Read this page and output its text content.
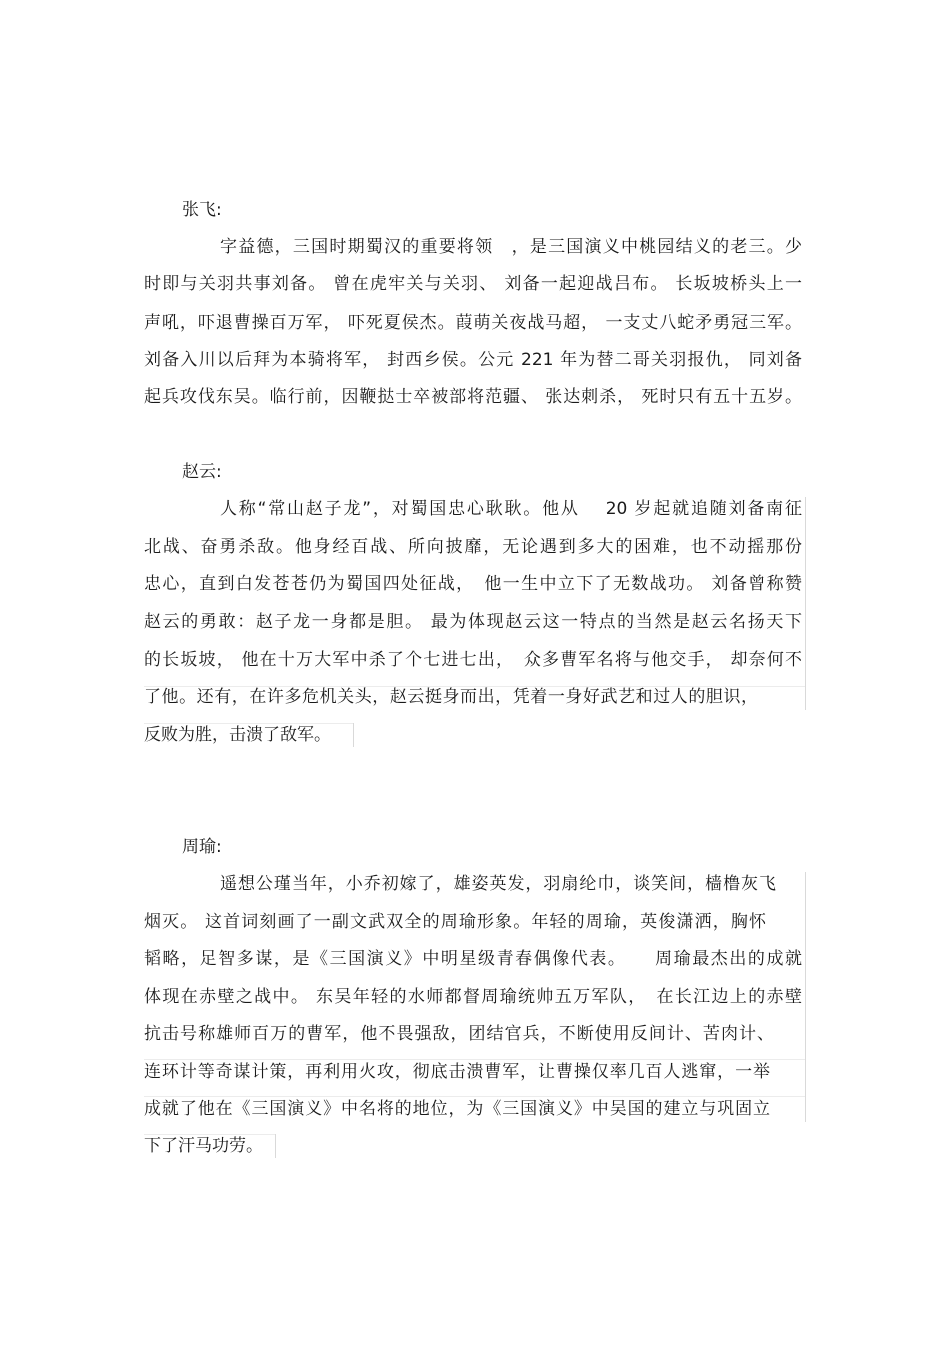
张飞:
字益德，三国时期蜀汉的重要将领　，是三国演义中桃园结义的老三。少
时即与关羽共事刘备。 曾在虎牢关与关羽、 刘备一起迎战吕布。 长坂坡桥头上一
声吼，吓退曹操百万军， 吓死夏侯杰。葭萌关夜战马超， 一支丈八蛇矛勇冠三军。
刘备入川以后拜为本骑将军， 封西乡侯。公元 221 年为替二哥关羽报仇， 同刘备
起兵攻伐东吴。临行前，因鞭挞士卒被部将范疆、 张达刺杀， 死时只有五十五岁。
赵云:
人称“常山赵子龙”，对蜀国忠心耿耿。他从　 20 岁起就追随刘备南征
北战、奋勇杀敌。他身经百战、所向披靡，无论遇到多大的困难，也不动摇那份
忠心，直到白发苍苍仍为蜀国四处征战，　他一生中立下了无数战功。 刘备曾称赞
赵云的勇敢：赵子龙一身都是胆。 最为体现赵云这一特点的当然是赵云名扬天下
的长坂坡， 他在十万大军中杀了个七进七出，　众多曹军名将与他交手， 却奈何不
了他。还有，在许多危机关头，赵云挺身而出，凭着一身好武艺和过人的胆识，
反败为胜，击溃了敌军。
周瑜:
遥想公瑾当年，小乔初嫁了，雄姿英发，羽扇纶巾，谈笑间，樯橹灰飞
烟灭。 这首词刻画了一副文武双全的周瑜形象。年轻的周瑜，英俊潇洒，胸怀
韬略，足智多谋，是《三国演义》中明星级青春偶像代表。　　周瑜最杰出的成就
体现在赤壁之战中。 东吴年轻的水师都督周瑜统帅五万军队，　在长江边上的赤壁
抗击号称雄师百万的曹军，他不畏强敌，团结官兵，不断使用反间计、苦肉计、
连环计等奇谋计策，再利用火攻，彻底击溃曹军，让曹操仅率几百人逃窜，一举
成就了他在《三国演义》中名将的地位，为《三国演义》中吴国的建立与巩固立
下了汗马功劳。
